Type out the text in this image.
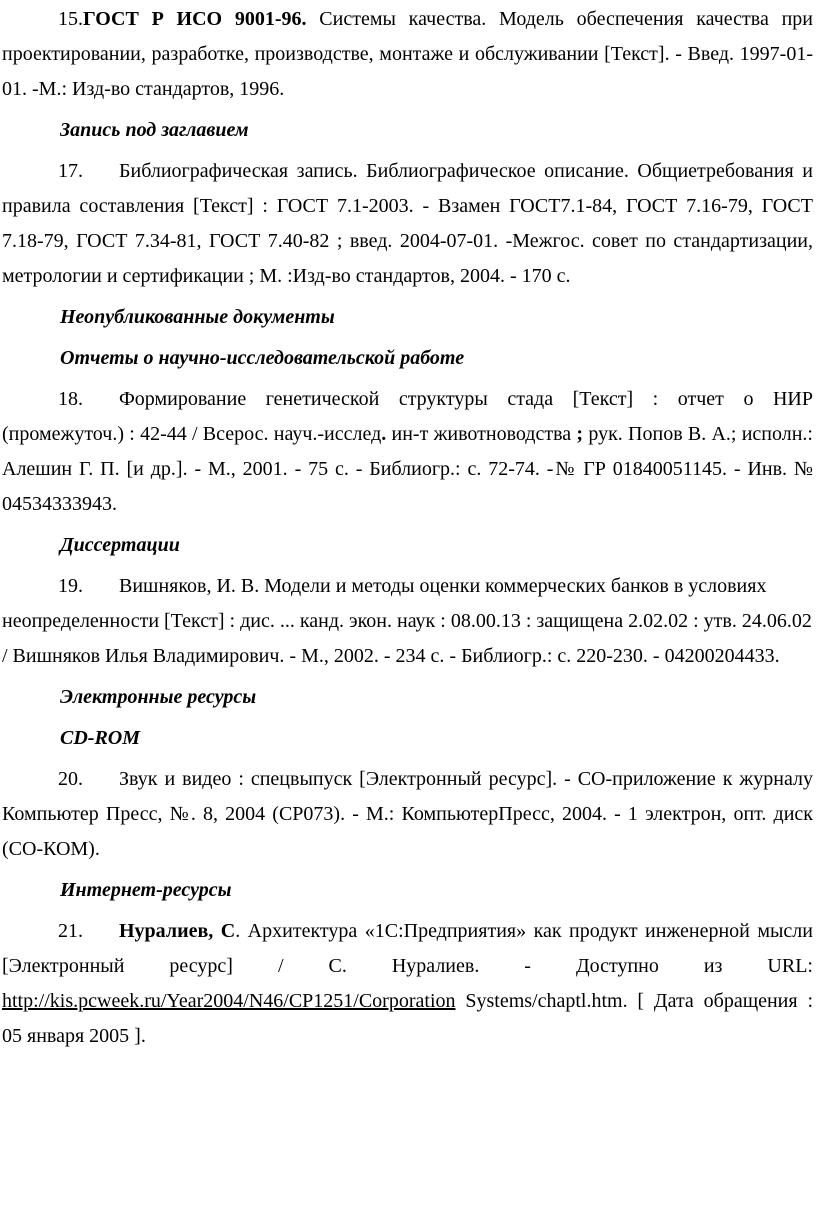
15.ГОСТ Р ИСО 9001-96. Системы качества. Модель обеспечения качества при проектировании, разработке, производстве, монтаже и обслуживании [Текст]. - Введ. 1997-01-01. -М.: Изд-во стандартов, 1996.

Запись под заглавием

17. Библиографическая запись. Библиографическое описание. Общиетребования и правила составления [Текст] : ГОСТ 7.1-2003. - Взамен ГОСТ7.1-84, ГОСТ 7.16-79, ГОСТ 7.18-79, ГОСТ 7.34-81, ГОСТ 7.40-82 ; введ. 2004-07-01. -Межгос. совет по стандартизации, метрологии и сертификации ; М. :Изд-во стандартов, 2004. - 170 с.

Неопубликованные документы

Отчеты о научно-исследовательской работе

18. Формирование генетической структуры стада [Текст] : отчет о НИР (промежуточ.) : 42-44 / Всерос. науч.-исслед. ин-т животноводства ; рук. Попов В. А.; исполн.: Алешин Г. П. [и др.]. - М., 2001. - 75 с. - Библиогр.: с. 72-74. -№ ГР 01840051145. - Инв. № 04534333943.

Диссертации

19. Вишняков, И. В. Модели и методы оценки коммерческих банков в условиях неопределенности [Текст] : дис. ... канд. экон. наук : 08.00.13 : защищена 2.02.02 : утв. 24.06.02 / Вишняков Илья Владимирович. - М., 2002. - 234 с. - Библиогр.: с. 220-230. - 04200204433.

Электронные ресурсы

CD-ROM

20. Звук и видео : спецвыпуск [Электронный ресурс]. - СО-приложение к журналу Компьютер Пресс, №. 8, 2004 (СР073). - М.: КомпьютерПресс, 2004. - 1 электрон, опт. диск (СО-КОМ).

Интернет-ресурсы

21. Нуралиев, С. Архитектура «1С:Предприятия» как продукт инженерной мысли [Электронный ресурс] / С. Нуралиев. - Доступно из URL: http://kis.pcweek.ru/Year2004/N46/CP1251/Corporation Systems/chaptl.htm. [ Дата обращения : 05 января 2005 ].
